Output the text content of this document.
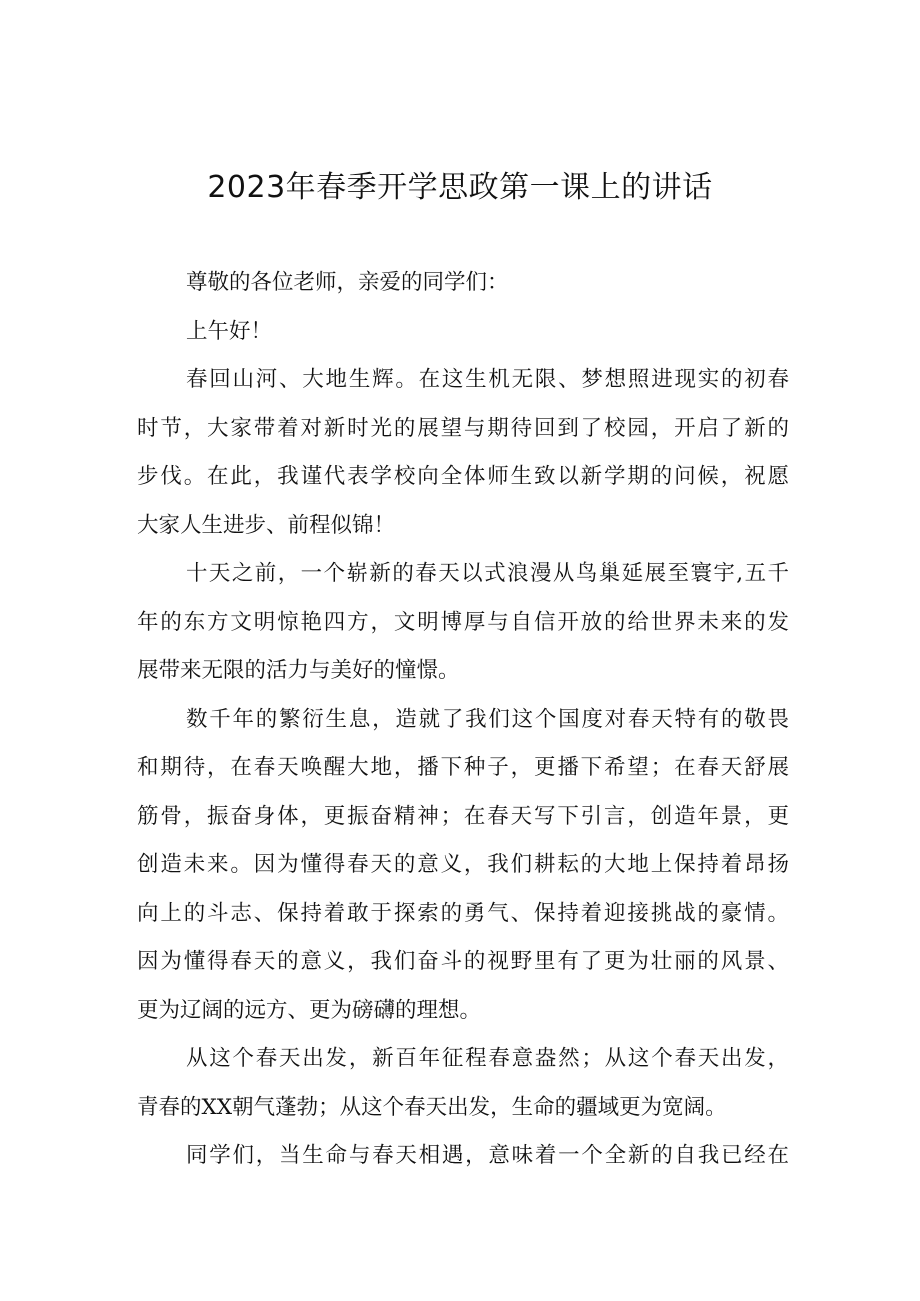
2023年春季开学思政第一课上的讲话
尊敬的各位老师，亲爱的同学们：
上午好！
春回山河、大地生辉。在这生机无限、梦想照进现实的初春
时节，大家带着对新时光的展望与期待回到了校园，开启了新的
步伐。在此，我谨代表学校向全体师生致以新学期的问候，祝愿
大家人生进步、前程似锦！
十天之前，一个崭新的春天以式浪漫从鸟巢延展至寰宇,五千
年的东方文明惊艳四方，文明博厚与自信开放的给世界未来的发
展带来无限的活力与美好的憧憬。
数千年的繁衍生息，造就了我们这个国度对春天特有的敬畏
和期待，在春天唤醒大地，播下种子，更播下希望；在春天舒展
筋骨，振奋身体，更振奋精神；在春天写下引言，创造年景，更
创造未来。因为懂得春天的意义，我们耕耘的大地上保持着昂扬
向上的斗志、保持着敢于探索的勇气、保持着迎接挑战的豪情。
因为懂得春天的意义，我们奋斗的视野里有了更为壮丽的风景、
更为辽阔的远方、更为磅礴的理想。
从这个春天出发，新百年征程春意盎然；从这个春天出发，
青春的XX朝气蓬勃；从这个春天出发，生命的疆域更为宽阔。
同学们，当生命与春天相遇，意味着一个全新的自我已经在
